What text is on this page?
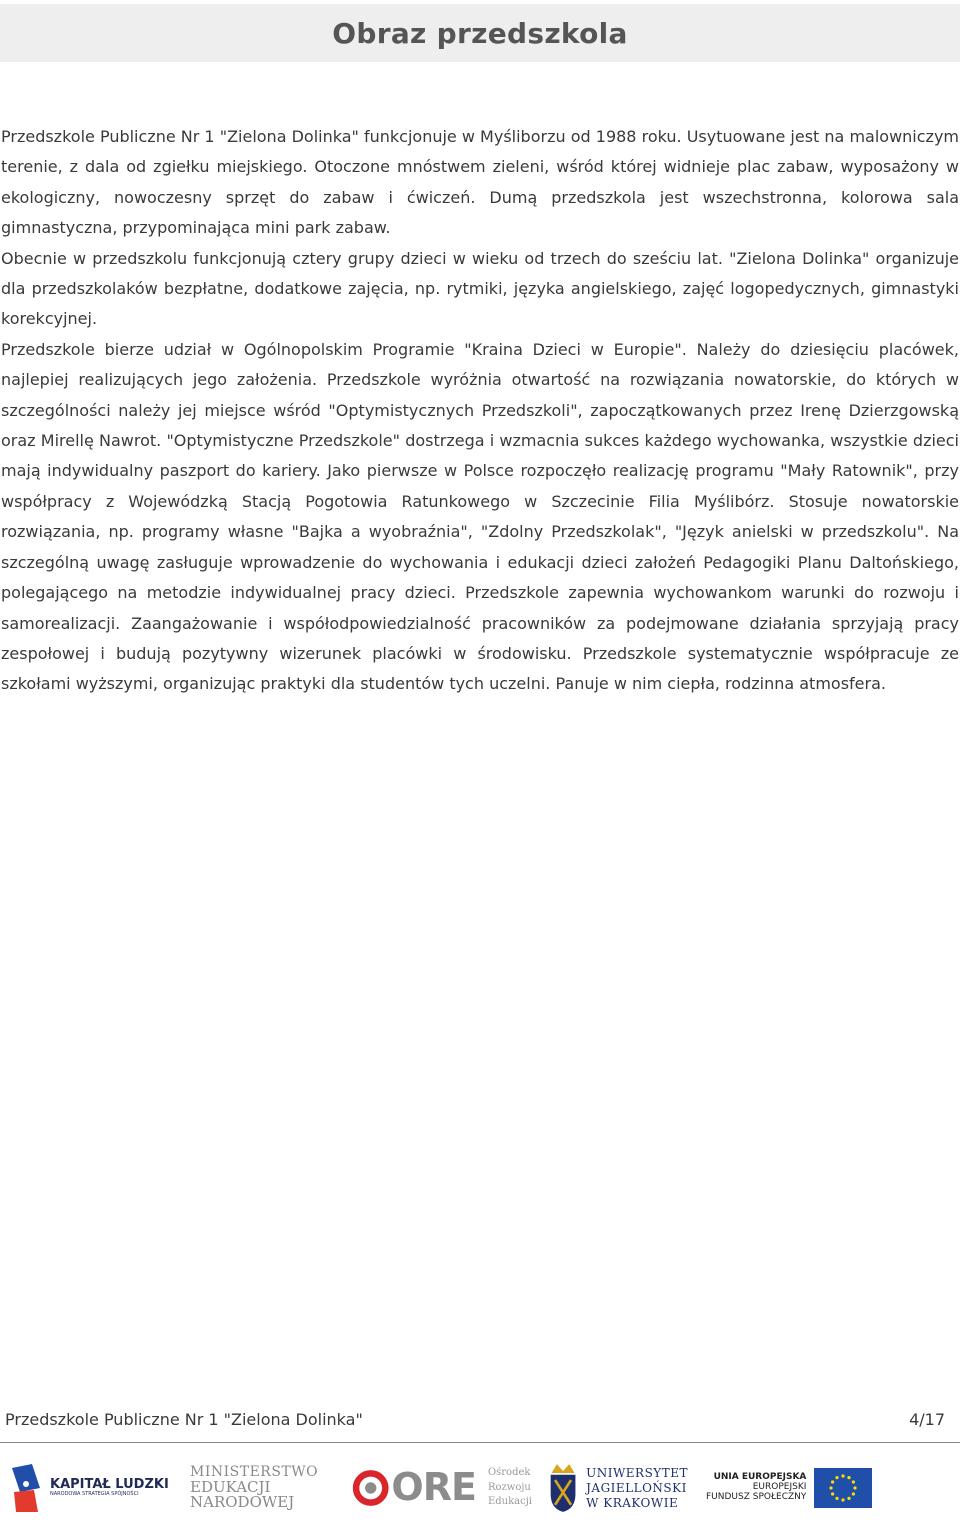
Obraz przedszkola

Przedszkole Publiczne Nr 1 "Zielona Dolinka" funkcjonuje w Myśliborzu od 1988 roku. Usytuowane jest na malowniczym terenie, z dala od zgiełku miejskiego. Otoczone mnóstwem zieleni, wśród której widnieje plac zabaw, wyposażony w ekologiczny, nowoczesny sprzęt do zabaw i ćwiczeń. Dumą przedszkola jest wszechstronna, kolorowa sala gimnastyczna, przypominająca mini park zabaw.

Obecnie w przedszkolu funkcjonują cztery grupy dzieci w wieku od trzech do sześciu lat. "Zielona Dolinka" organizuje dla przedszkolaków bezpłatne, dodatkowe zajęcia, np. rytmiki, języka angielskiego, zajęć logopedycznych, gimnastyki korekcyjnej.

Przedszkole bierze udział w Ogólnopolskim Programie "Kraina Dzieci w Europie". Należy do dziesięciu placówek, najlepiej realizujących jego założenia. Przedszkole wyróżnia otwartość na rozwiązania nowatorskie, do których w szczególności należy jej miejsce wśród "Optymistycznych Przedszkoli", zapoczątkowanych przez Irenę Dzierzgowską oraz Mirellę Nawrot. "Optymistyczne Przedszkole" dostrzega i wzmacnia sukces każdego wychowanka, wszystkie dzieci mają indywidualny paszport do kariery. Jako pierwsze w Polsce rozpoczęło realizację programu "Mały Ratownik", przy współpracy z Wojewódzką Stacją Pogotowia Ratunkowego w Szczecinie Filia Myślibórz. Stosuje nowatorskie rozwiązania, np. programy własne "Bajka a wyobraźnia", "Zdolny Przedszkolak", "Język anielski w przedszkolu". Na szczególną uwagę zasługuje wprowadzenie do wychowania i edukacji dzieci założeń Pedagogiki Planu Daltońskiego, polegającego na metodzie indywidualnej pracy dzieci. Przedszkole zapewnia wychowankom warunki do rozwoju i samorealizacji. Zaangażowanie i współodpowiedzialność pracowników za podejmowane działania sprzyjają pracy zespołowej i budują pozytywny wizerunek placówki w środowisku. Przedszkole systematycznie współpracuje ze szkołami wyższymi, organizując praktyki dla studentów tych uczelni. Panuje w nim ciepła, rodzinna atmosfera.

Przedszkole Publiczne Nr 1 "Zielona Dolinka"	4/17
KAPITAŁ LUDZKI
NARODOWA STRATEGIA SPÓJNOŚCI
MINISTERSTWO
EDUKACJI
NARODOWEJ	ORE Ośrodek
Rozwoju
Edukacji
UNIWERSYTET
JAGIELLOŃSKI
W KRAKOWIE
UNIA EUROPEJSKA
EUROPEJSKI
FUNDUSZ SPOŁECZNY
